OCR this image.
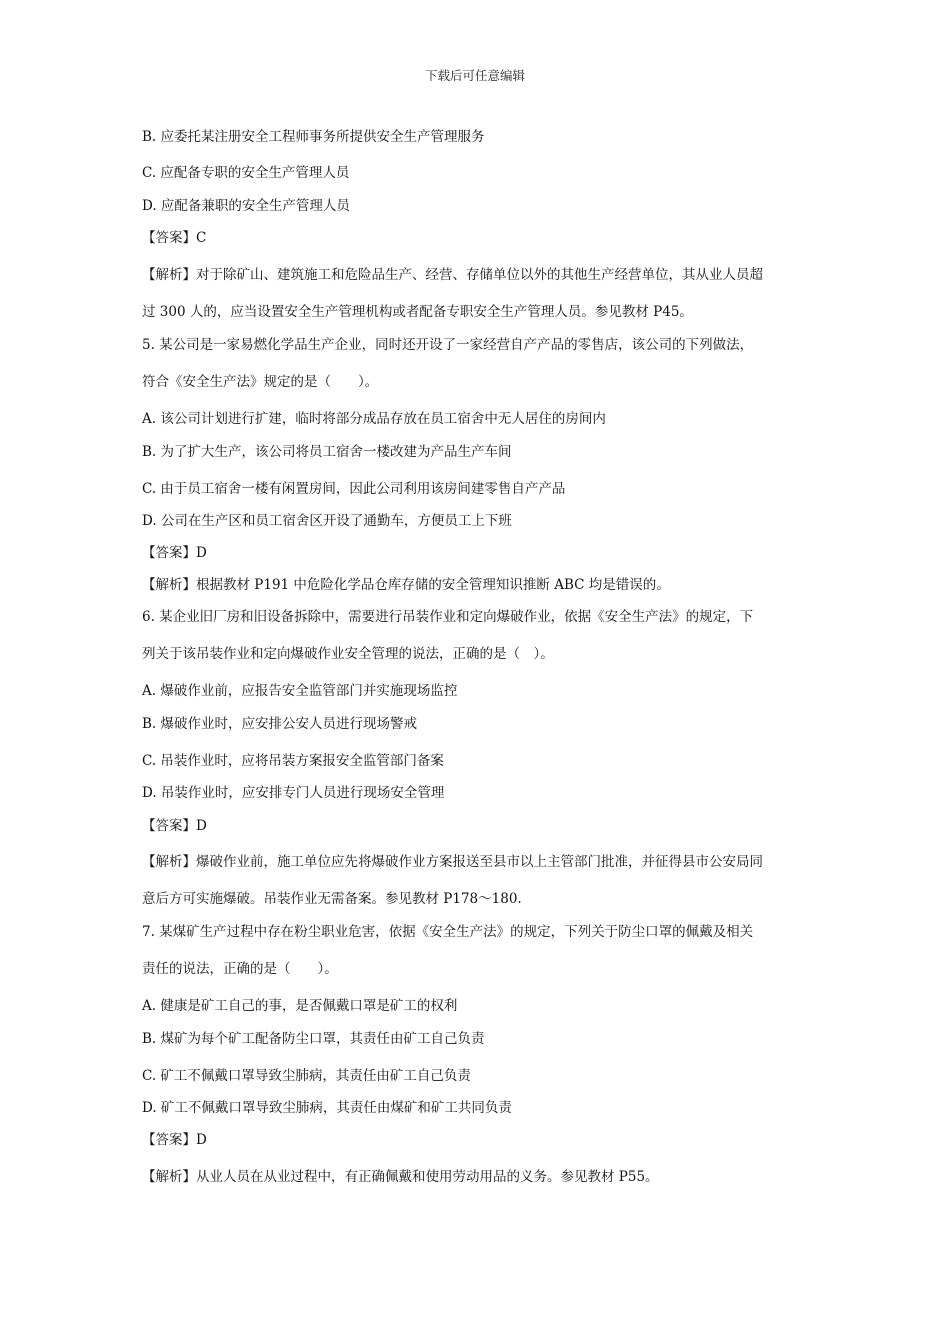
下载后可任意编辑
B. 应委托某注册安全工程师事务所提供安全生产管理服务
C. 应配备专职的安全生产管理人员
D. 应配备兼职的安全生产管理人员
【答案】C
【解析】对于除矿山、建筑施工和危险品生产、经营、存储单位以外的其他生产经营单位，其从业人员超
过 300 人的，应当设置安全生产管理机构或者配备专职安全生产管理人员。参见教材 P45。
5. 某公司是一家易燃化学品生产企业，同时还开设了一家经营自产产品的零售店，该公司的下列做法，
符合《安全生产法》规定的是（　　）。
A. 该公司计划进行扩建，临时将部分成品存放在员工宿舍中无人居住的房间内
B. 为了扩大生产，该公司将员工宿舍一楼改建为产品生产车间
C. 由于员工宿舍一楼有闲置房间，因此公司利用该房间建零售自产产品
D. 公司在生产区和员工宿舍区开设了通勤车，方便员工上下班
【答案】D
【解析】根据教材 P191 中危险化学品仓库存储的安全管理知识推断 ABC 均是错误的。
6. 某企业旧厂房和旧设备拆除中，需要进行吊装作业和定向爆破作业，依据《安全生产法》的规定，下
列关于该吊装作业和定向爆破作业安全管理的说法，正确的是（　）。
A. 爆破作业前，应报告安全监管部门并实施现场监控
B. 爆破作业时，应安排公安人员进行现场警戒
C. 吊装作业时，应将吊装方案报安全监管部门备案
D. 吊装作业时，应安排专门人员进行现场安全管理
【答案】D
【解析】爆破作业前，施工单位应先将爆破作业方案报送至县市以上主管部门批准，并征得县市公安局同
意后方可实施爆破。吊装作业无需备案。参见教材 P178～180.
7. 某煤矿生产过程中存在粉尘职业危害，依据《安全生产法》的规定，下列关于防尘口罩的佩戴及相关
责任的说法，正确的是（　　）。
A. 健康是矿工自己的事，是否佩戴口罩是矿工的权利
B. 煤矿为每个矿工配备防尘口罩，其责任由矿工自己负责
C. 矿工不佩戴口罩导致尘肺病，其责任由矿工自己负责
D. 矿工不佩戴口罩导致尘肺病，其责任由煤矿和矿工共同负责
【答案】D
【解析】从业人员在从业过程中，有正确佩戴和使用劳动用品的义务。参见教材 P55。
